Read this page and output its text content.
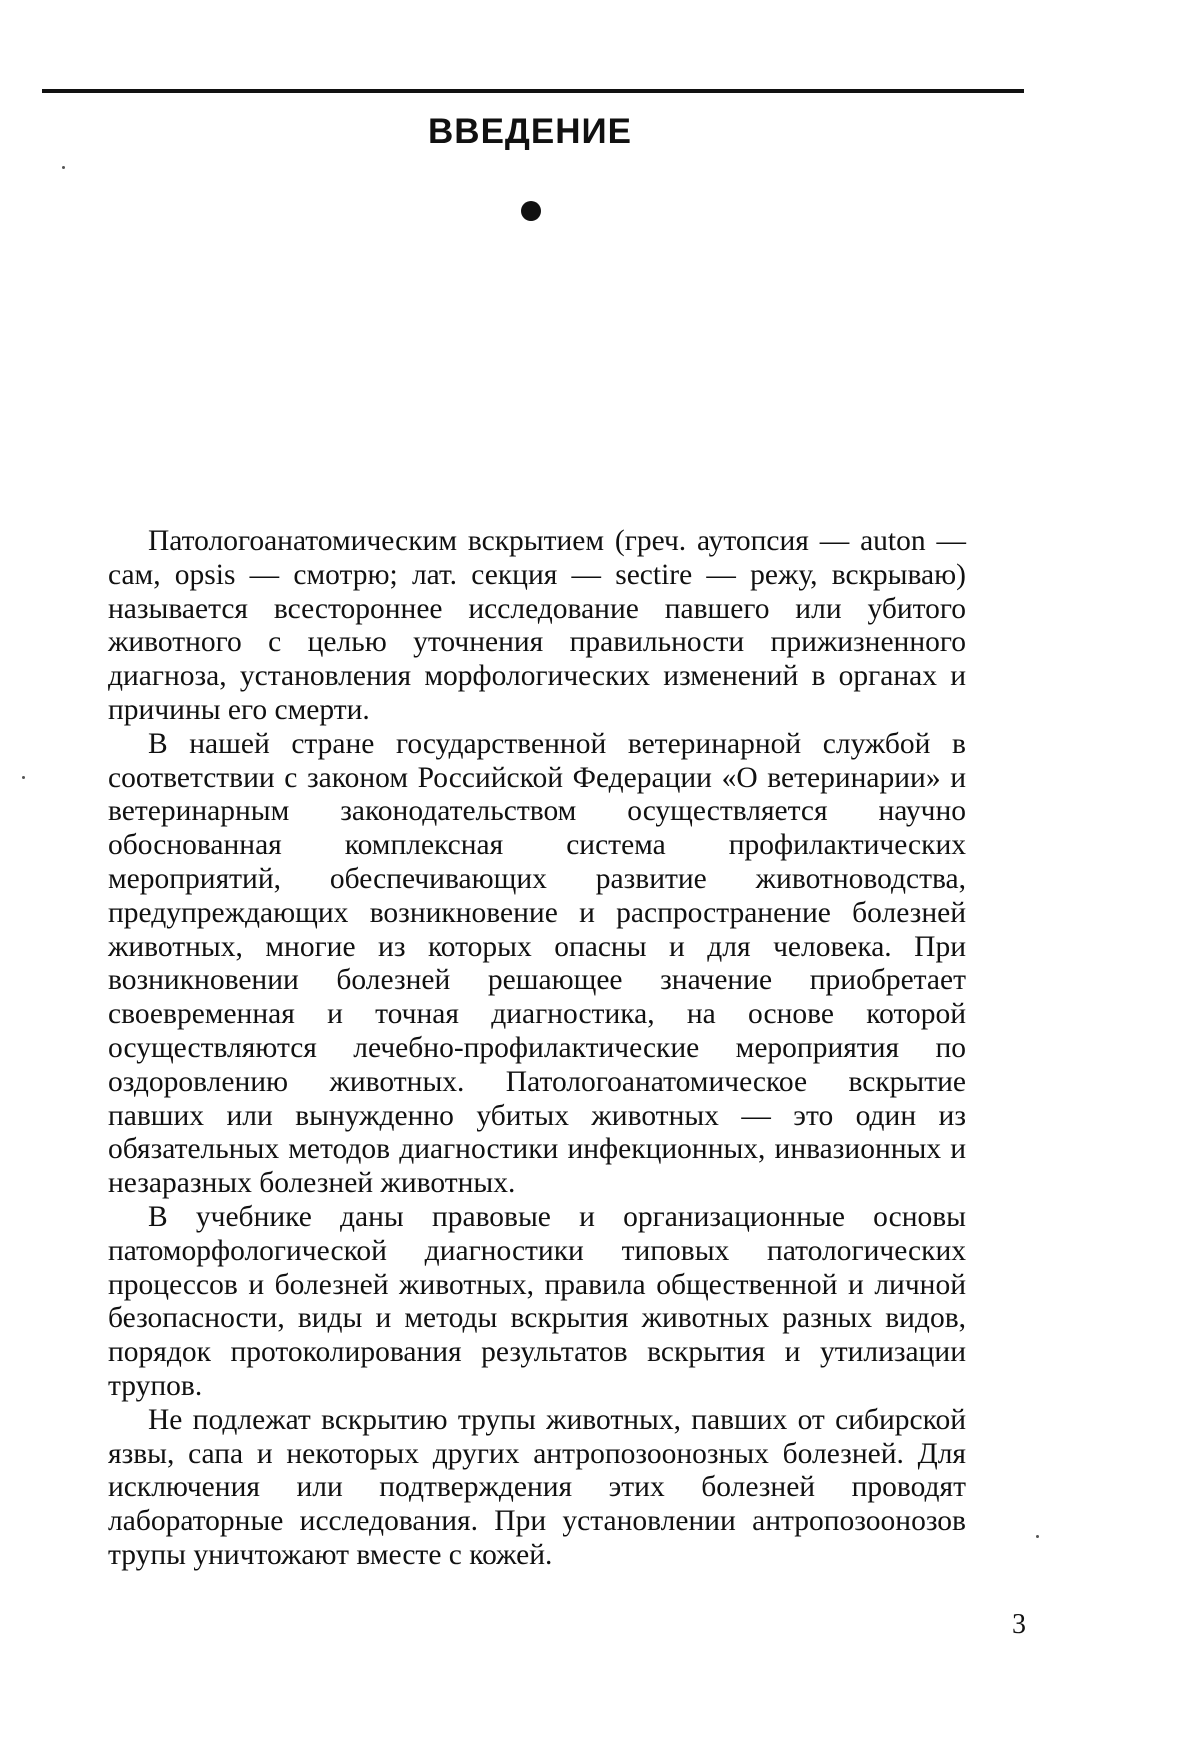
ВВЕДЕНИЕ

Патологоанатомическим вскрытием (греч. аутопсия — auton —сам, opsis — смотрю; лат. секция — sectire — режу, вскрываю) называется всестороннее исследование павшего или убитого животного с целью уточнения правильности прижизненного диагноза, установления морфологических изменений в органах и причины его смерти.

В нашей стране государственной ветеринарной службой в соответствии с законом Российской Федерации «О ветеринарии» и ветеринарным законодательством осуществляется научно обоснованная комплексная система профилактических мероприятий, обеспечивающих развитие животноводства, предупреждающих возникновение и распространение болезней животных, многие из которых опасны и для человека. При возникновении болезней решающее значение приобретает своевременная и точная диагностика, на основе которой осуществляются лечебно-профилактические мероприятия по оздоровлению животных. Патологоанатомическое вскрытие павших или вынужденно убитых животных — это один из обязательных методов диагностики инфекционных, инвазионных и незаразных болезней животных.

В учебнике даны правовые и организационные основы патоморфологической диагностики типовых патологических процессов и болезней животных, правила общественной и личной безопасности, виды и методы вскрытия животных разных видов, порядок протоколирования результатов вскрытия и утилизации трупов.

Не подлежат вскрытию трупы животных, павших от сибирской язвы, сапа и некоторых других антропозоонозных болезней. Для исключения или подтверждения этих болезней проводят лабораторные исследования. При установлении антропозоонозов трупы уничтожают вместе с кожей.

3
